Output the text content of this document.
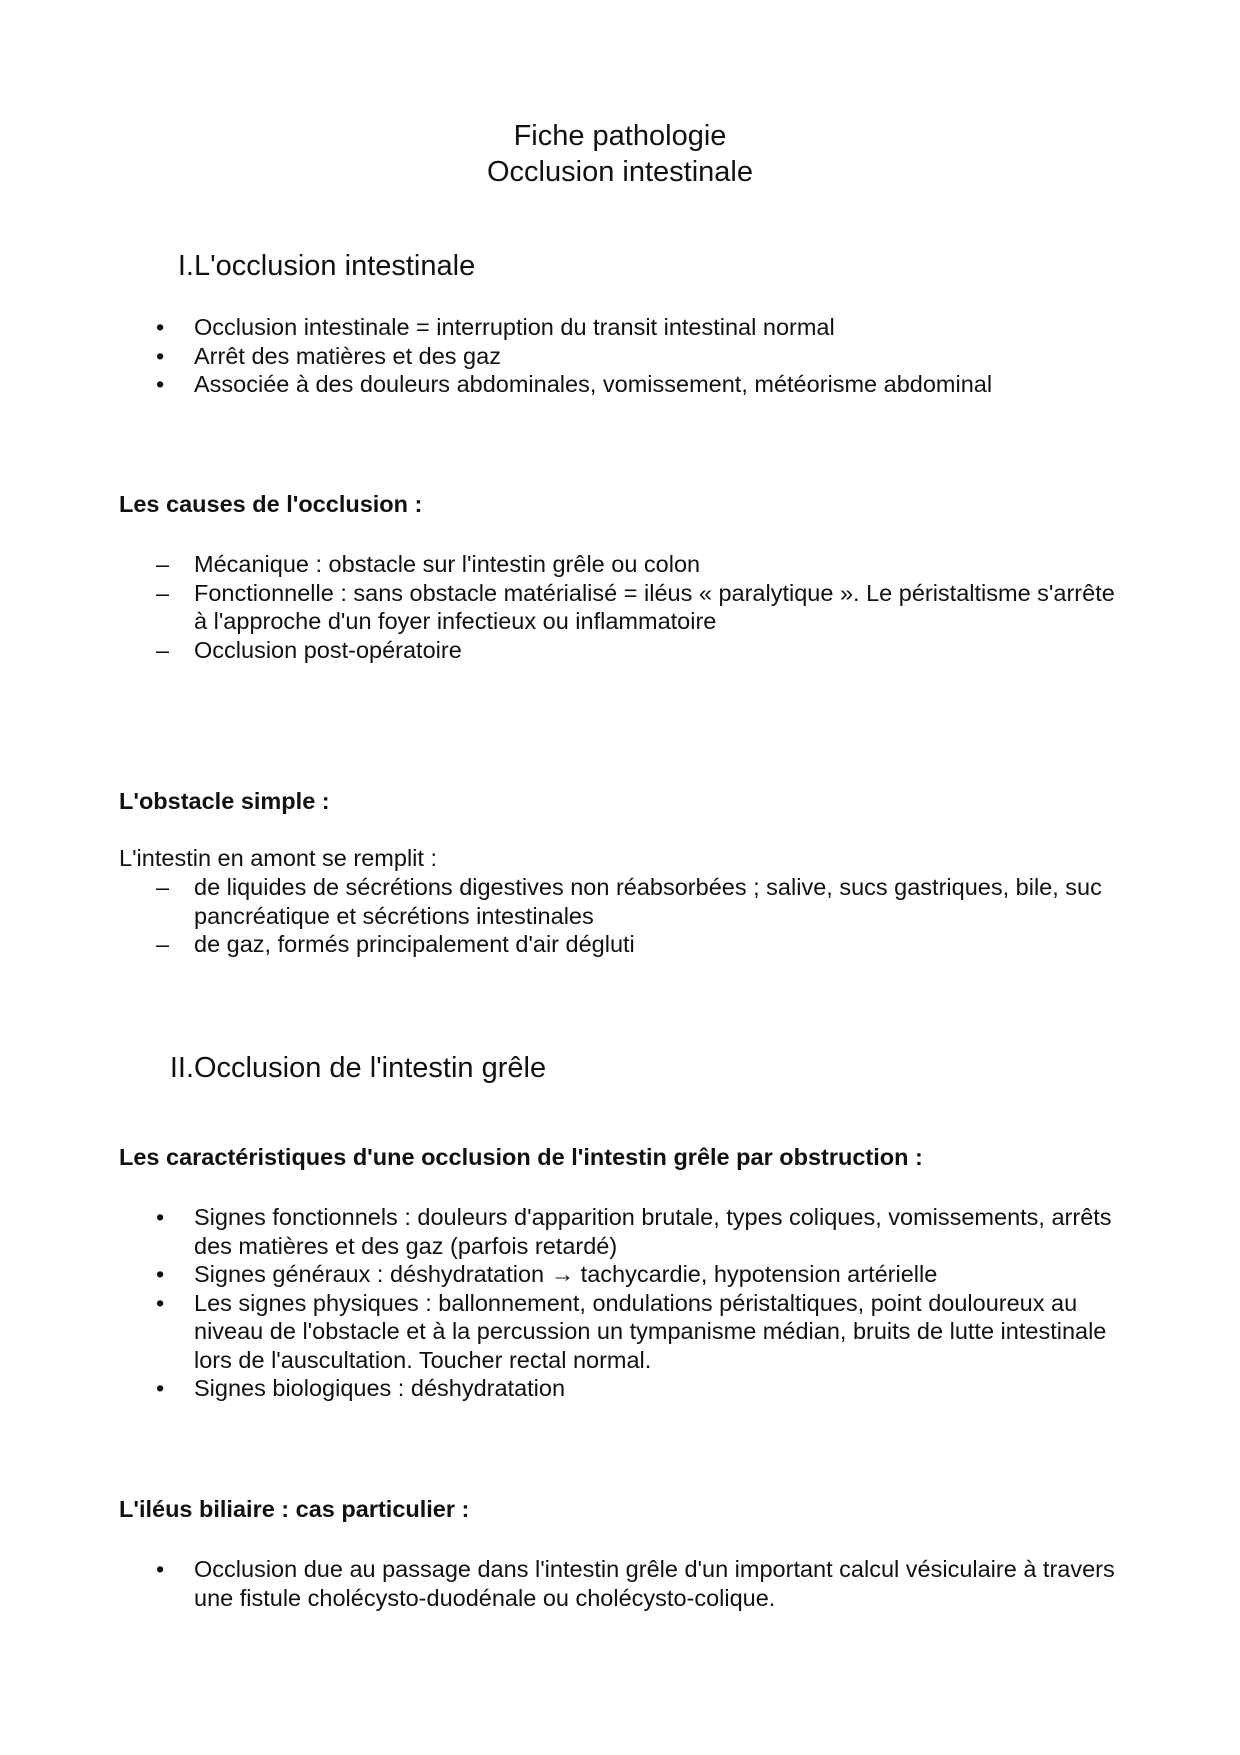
Fiche pathologie
Occlusion intestinale
I. L'occlusion intestinale
•	Occlusion intestinale = interruption du transit intestinal normal
•	Arrêt des matières et des gaz
•	Associée à des douleurs abdominales, vomissement, météorisme abdominal
Les causes de l'occlusion :
– Mécanique : obstacle sur l'intestin grêle ou colon
– Fonctionnelle : sans obstacle matérialisé = iléus « paralytique ». Le péristaltisme s'arrête à l'approche d'un foyer infectieux ou inflammatoire
– Occlusion post-opératoire
L'obstacle simple :
L'intestin en amont se remplit :
– de liquides de sécrétions digestives non réabsorbées ; salive, sucs gastriques, bile, suc pancréatique et sécrétions intestinales
– de gaz, formés principalement d'air dégluti
II. Occlusion de l'intestin grêle
Les caractéristiques d'une occlusion de l'intestin grêle par obstruction :
•	Signes fonctionnels : douleurs d'apparition brutale, types coliques, vomissements, arrêts des matières et des gaz (parfois retardé)
•	Signes généraux : déshydratation → tachycardie, hypotension artérielle
•	Les signes physiques : ballonnement, ondulations péristaltiques, point douloureux au niveau de l'obstacle et à la percussion un tympanisme médian, bruits de lutte intestinale lors de l'auscultation. Toucher rectal normal.
•	Signes biologiques : déshydratation
L'iléus biliaire : cas particulier :
•	Occlusion due au passage dans l'intestin grêle d'un important calcul vésiculaire à travers une fistule cholécysto-duodénale ou cholécysto-colique.
